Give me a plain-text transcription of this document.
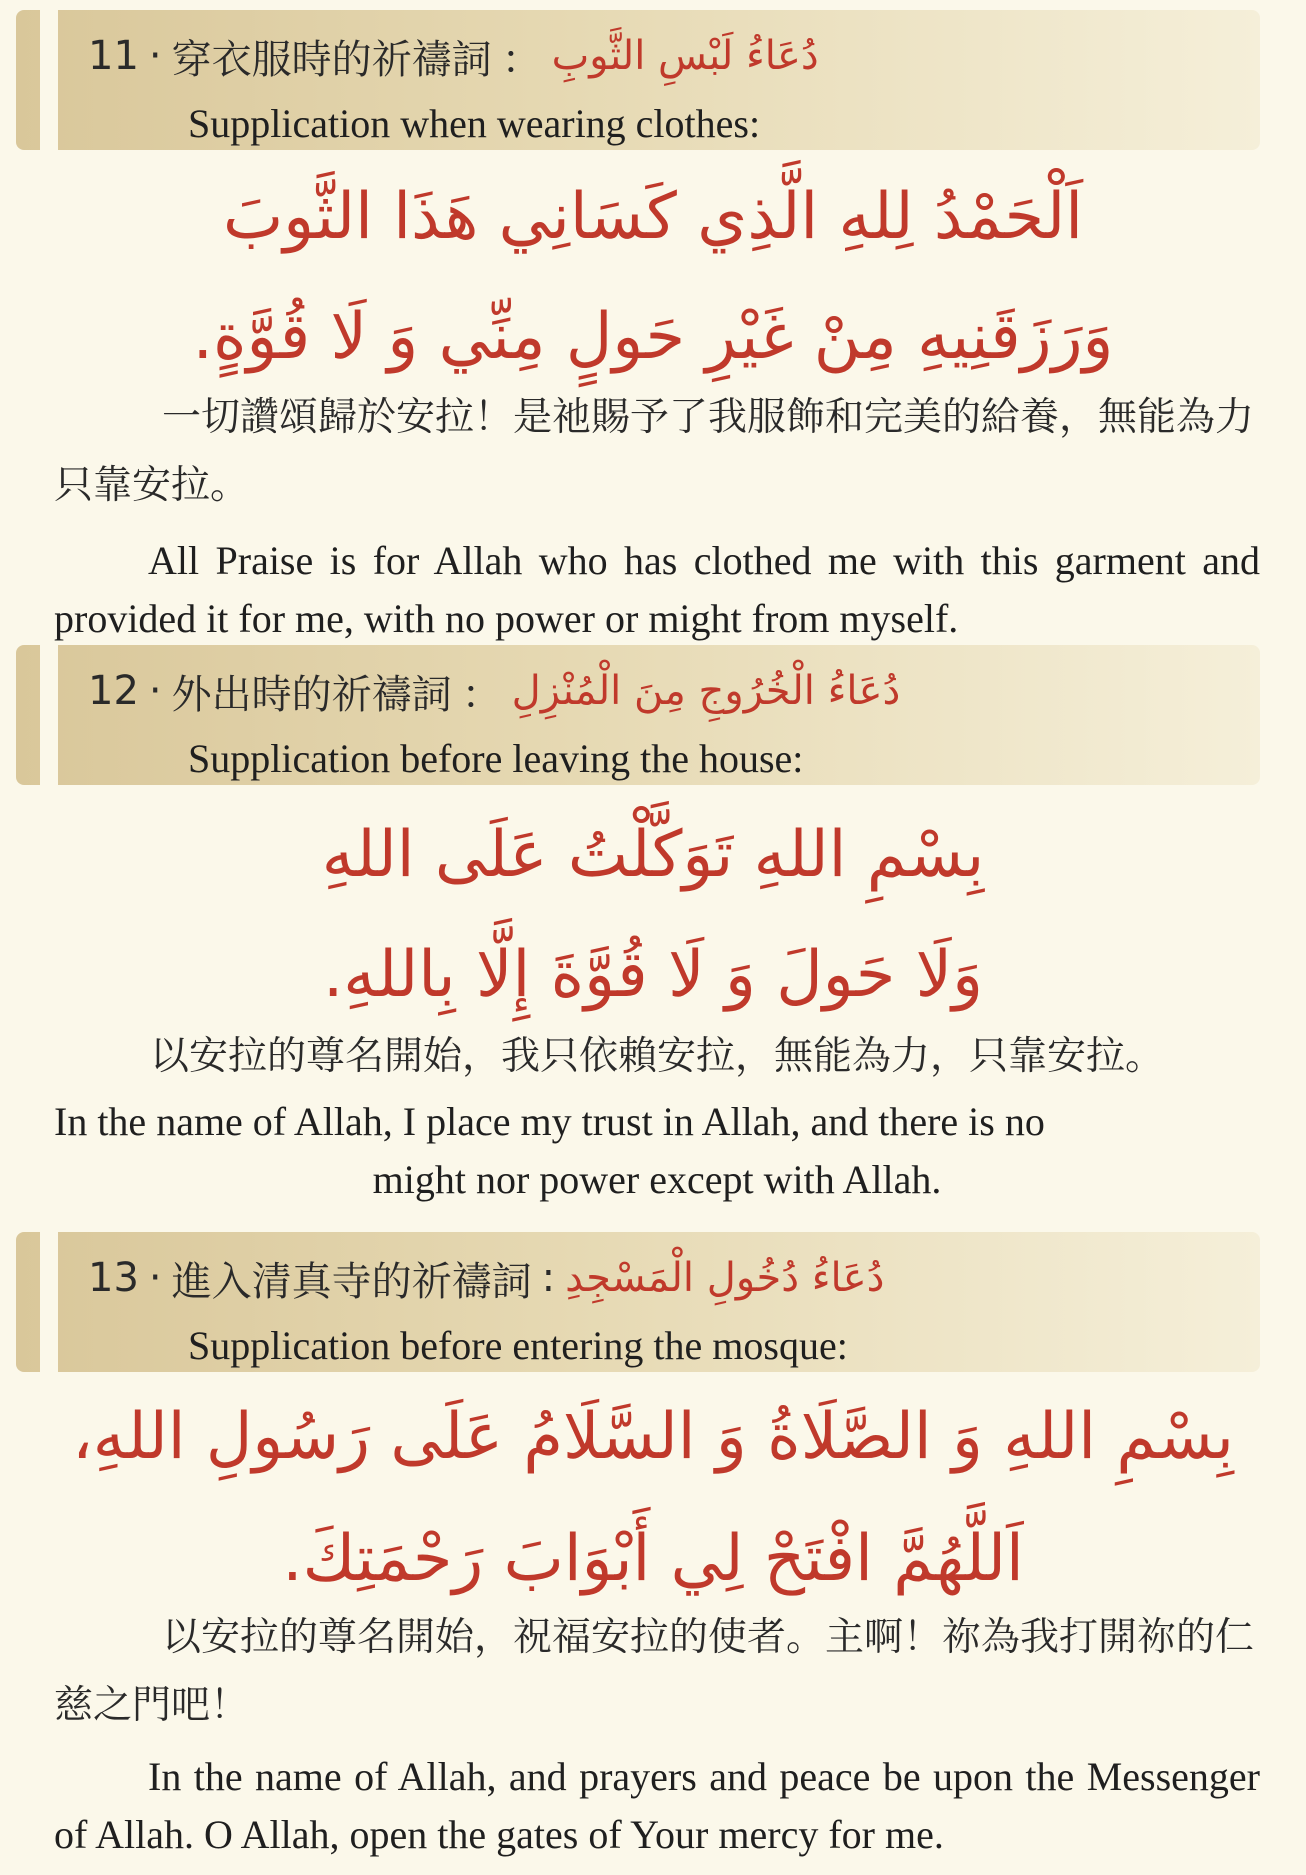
11 · 穿衣服時的祈禱詞 ： دُعَاءُ لَبْسِ الثَّوبِ
Supplication when wearing clothes:
اَلْحَمْدُ لِلهِ الَّذِي كَسَانِي هَذَا الثَّوبَ
وَرَزَقَنِيهِ مِنْ غَيْرِ حَولٍ مِنِّي وَ لَا قُوَّةٍ.
一切讚頌歸於安拉！是祂賜予了我服飾和完美的給養，無能為力只靠安拉。
All Praise is for Allah who has clothed me with this garment and provided it for me, with no power or might from myself.
12 · 外出時的祈禱詞 ： دُعَاءُ الْخُرُوجِ مِنَ الْمُنْزِلِ
Supplication before leaving the house:
بِسْمِ اللهِ تَوَكَّلْتُ عَلَى اللهِ
وَلَا حَولَ وَ لَا قُوَّةَ إِلَّا بِاللهِ.
以安拉的尊名開始，我只依賴安拉，無能為力，只靠安拉。
In the name of Allah, I place my trust in Allah, and there is no
might nor power except with Allah.
13 · 進入清真寺的祈禱詞 : دُعَاءُ دُخُولِ الْمَسْجِدِ
Supplication before entering the mosque:
بِسْمِ اللهِ وَ الصَّلَاةُ وَ السَّلَامُ عَلَى رَسُولِ اللهِ،
اَللَّهُمَّ افْتَحْ لِي أَبْوَابَ رَحْمَتِكَ.
以安拉的尊名開始，祝福安拉的使者。主啊！祢為我打開祢的仁慈之門吧！
In the name of Allah, and prayers and peace be upon the Messenger of Allah. O Allah, open the gates of Your mercy for me.
